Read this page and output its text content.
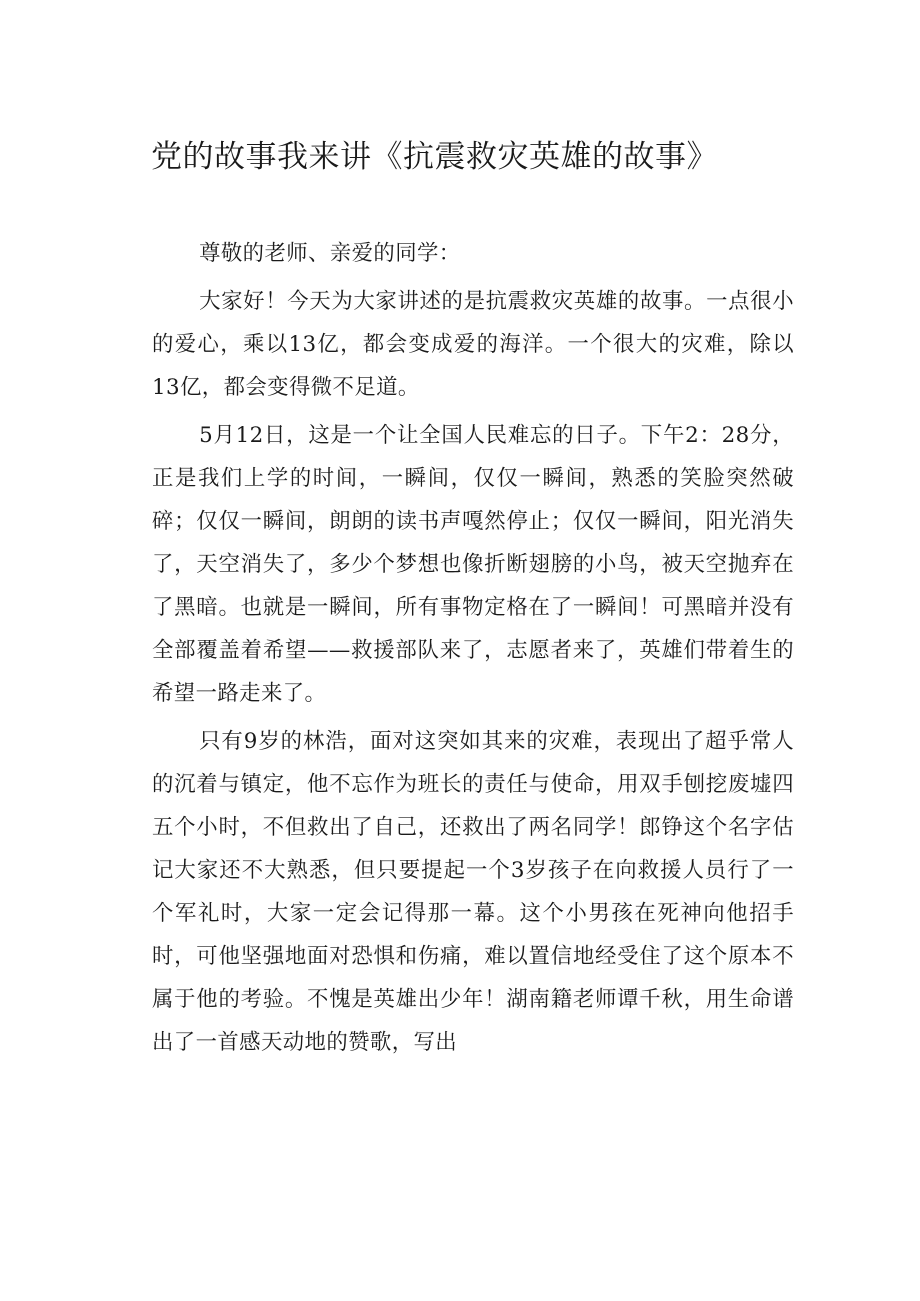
党的故事我来讲《抗震救灾英雄的故事》

尊敬的老师、亲爱的同学：

大家好！今天为大家讲述的是抗震救灾英雄的故事。一点很小的爱心，乘以13亿，都会变成爱的海洋。一个很大的灾难，除以13亿，都会变得微不足道。

5月12日，这是一个让全国人民难忘的日子。下午2：28分，正是我们上学的时间，一瞬间，仅仅一瞬间，熟悉的笑脸突然破碎；仅仅一瞬间，朗朗的读书声嘎然停止；仅仅一瞬间，阳光消失了，天空消失了，多少个梦想也像折断翅膀的小鸟，被天空抛弃在了黑暗。也就是一瞬间，所有事物定格在了一瞬间！可黑暗并没有全部覆盖着希望——救援部队来了，志愿者来了，英雄们带着生的希望一路走来了。

只有9岁的林浩，面对这突如其来的灾难，表现出了超乎常人的沉着与镇定，他不忘作为班长的责任与使命，用双手刨挖废墟四五个小时，不但救出了自己，还救出了两名同学！郎铮这个名字估记大家还不大熟悉，但只要提起一个3岁孩子在向救援人员行了一个军礼时，大家一定会记得那一幕。这个小男孩在死神向他招手时，可他坚强地面对恐惧和伤痛，难以置信地经受住了这个原本不属于他的考验。不愧是英雄出少年！湖南籍老师谭千秋，用生命谱出了一首感天动地的赞歌，写出
